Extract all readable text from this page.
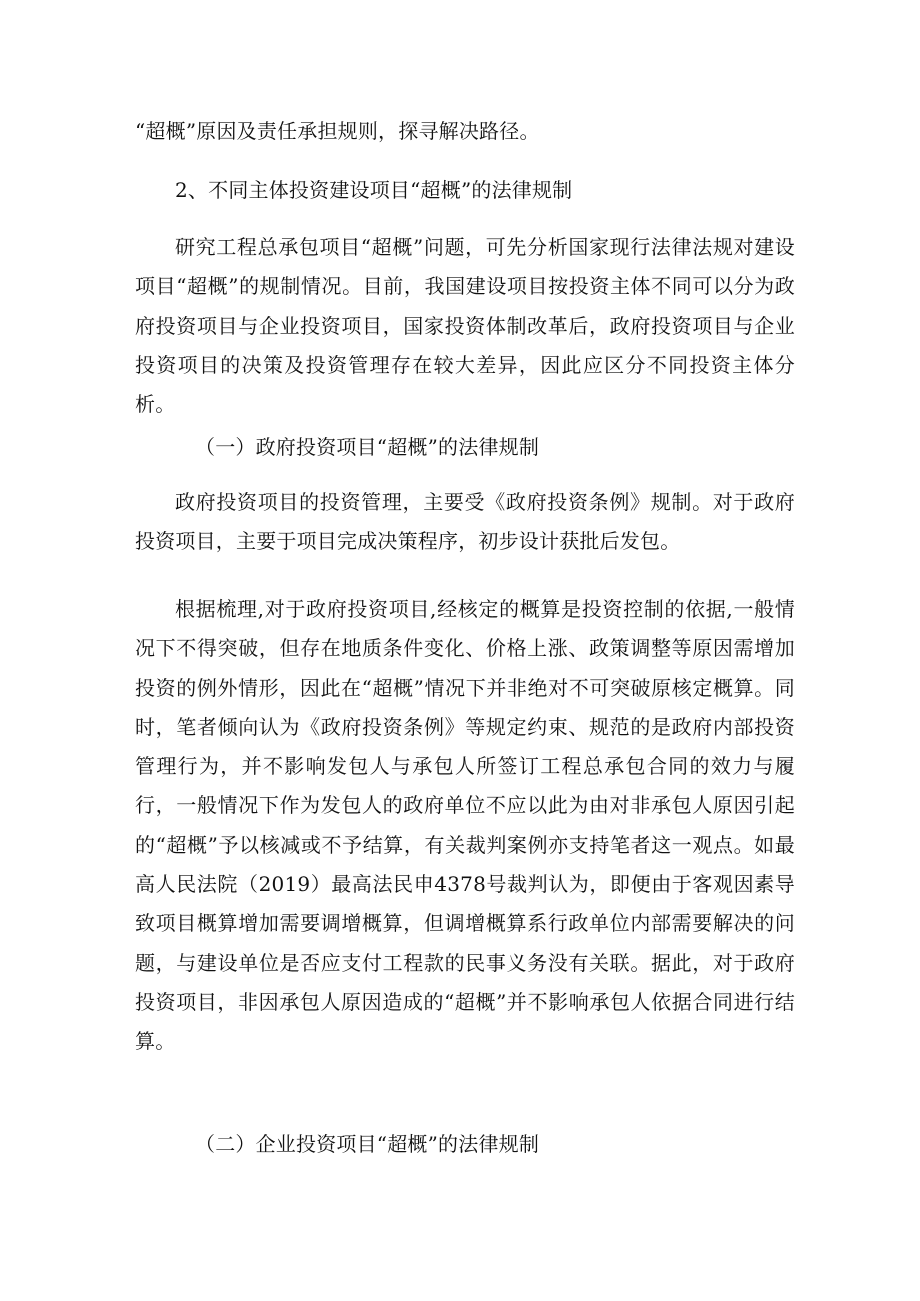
“超概”原因及责任承担规则，探寻解决路径。

2、不同主体投资建设项目“超概”的法律规制

研究工程总承包项目“超概”问题，可先分析国家现行法律法规对建设项目“超概”的规制情况。目前，我国建设项目按投资主体不同可以分为政府投资项目与企业投资项目，国家投资体制改革后，政府投资项目与企业投资项目的决策及投资管理存在较大差异，因此应区分不同投资主体分析。

（一）政府投资项目“超概”的法律规制

政府投资项目的投资管理，主要受《政府投资条例》规制。对于政府投资项目，主要于项目完成决策程序，初步设计获批后发包。

根据梳理,对于政府投资项目,经核定的概算是投资控制的依据,一般情况下不得突破，但存在地质条件变化、价格上涨、政策调整等原因需增加投资的例外情形，因此在“超概”情况下并非绝对不可突破原核定概算。同时，笔者倾向认为《政府投资条例》等规定约束、规范的是政府内部投资管理行为，并不影响发包人与承包人所签订工程总承包合同的效力与履行，一般情况下作为发包人的政府单位不应以此为由对非承包人原因引起的“超概”予以核减或不予结算，有关裁判案例亦支持笔者这一观点。如最高人民法院（2019）最高法民申4378号裁判认为，即便由于客观因素导致项目概算增加需要调增概算，但调增概算系行政单位内部需要解决的问题，与建设单位是否应支付工程款的民事义务没有关联。据此，对于政府投资项目，非因承包人原因造成的“超概”并不影响承包人依据合同进行结算。

（二）企业投资项目“超概”的法律规制
